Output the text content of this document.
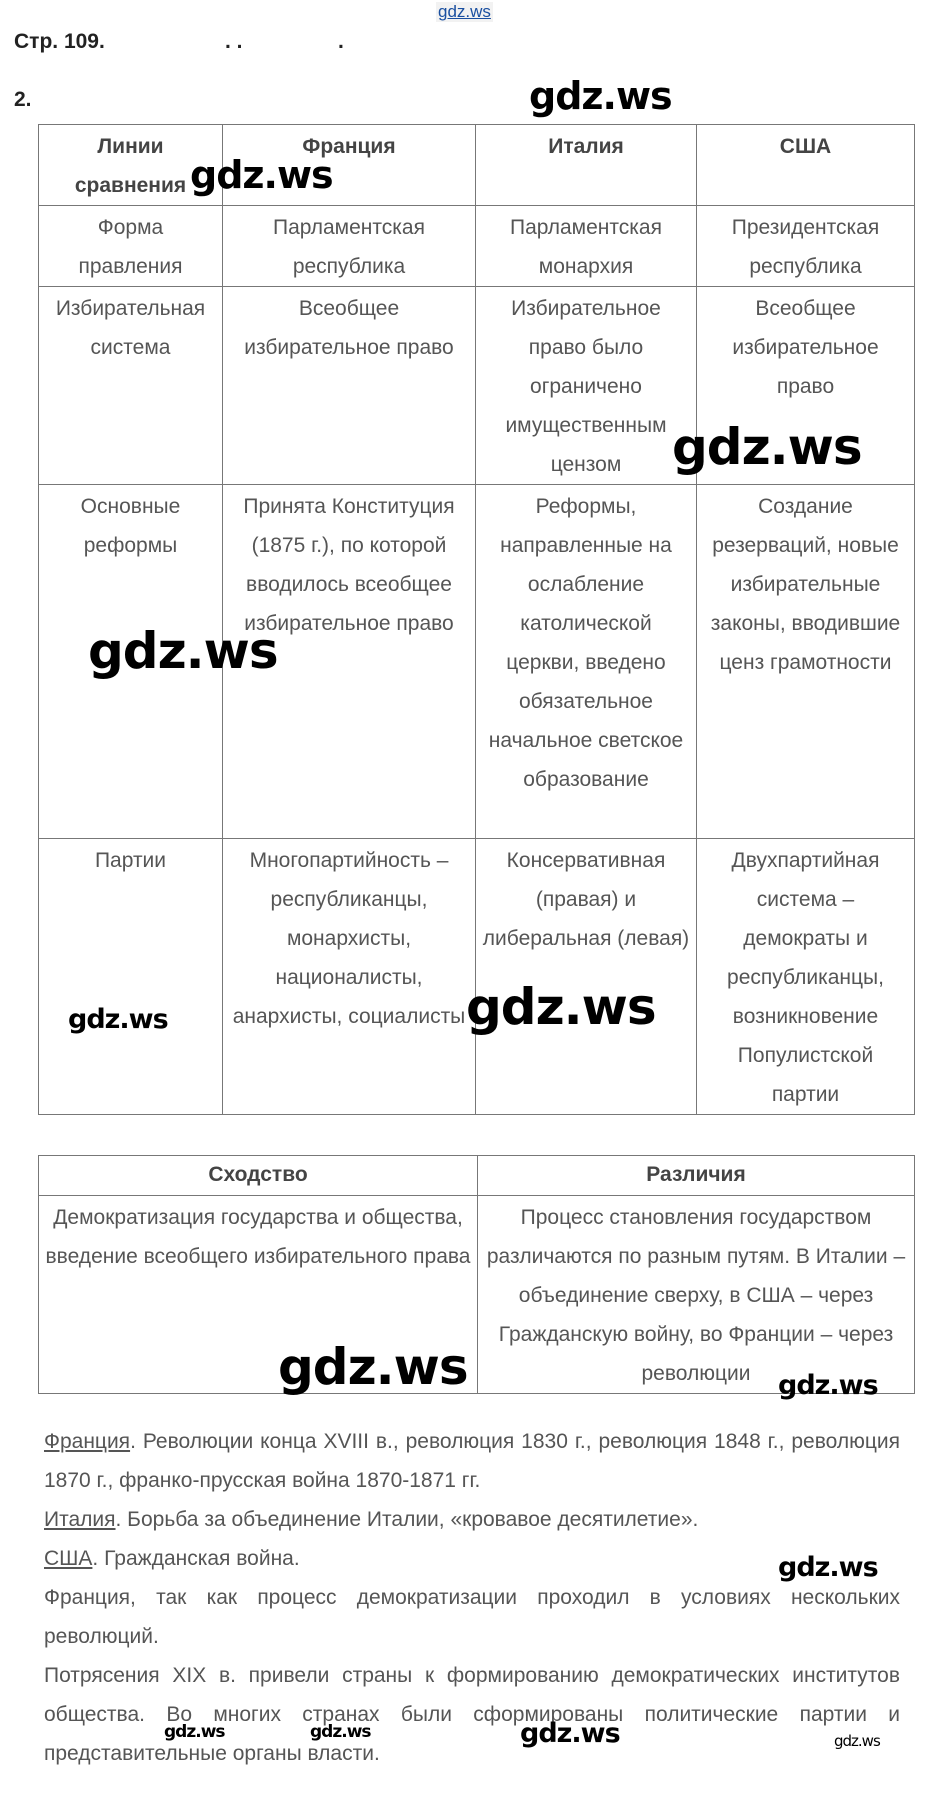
gdz.ws
Стр. 109.	. .	.
2.
Линии сравнения	Франция	Италия	США
Форма правления	Парламентская республика	Парламентская монархия	Президентская республика
Избирательная система	Всеобщее избирательное право	Избирательное право было ограничено имущественным цензом	Всеобщее избирательное право
Основные реформы	Принята Конституция (1875 г.), по которой вводилось всеобщее избирательное право	Реформы, направленные на ослабление католической церкви, введено обязательное начальное светское образование	Создание резерваций, новые избирательные законы, вводившие ценз грамотности
Партии	Многопартийность – республиканцы, монархисты, националисты, анархисты, социалисты	Консервативная (правая) и либеральная (левая)	Двухпартийная система – демократы и республиканцы, возникновение Популистской партии
Сходство	Различия
Демократизация государства и общества, введение всеобщего избирательного права	Процесс становления государством различаются по разным путям. В Италии – объединение сверху, в США – через Гражданскую войну, во Франции – через революции
Франция. Революции конца XVIII в., революция 1830 г., революция 1848 г., революция 1870 г., франко-прусская война 1870-1871 гг.
Италия. Борьба за объединение Италии, «кровавое десятилетие».
США. Гражданская война.
Франция, так как процесс демократизации проходил в условиях нескольких революций.
Потрясения XIX в. привели страны к формированию демократических институтов общества. Во многих странах были сформированы политические партии и представительные органы власти.
gdz.ws
gdz.ws
gdz.ws
gdz.ws
gdz.ws	gdz.ws
gdz.ws	gdz.ws
gdz.ws
gdz.ws	gdz.ws	gdz.ws	gdz.ws
